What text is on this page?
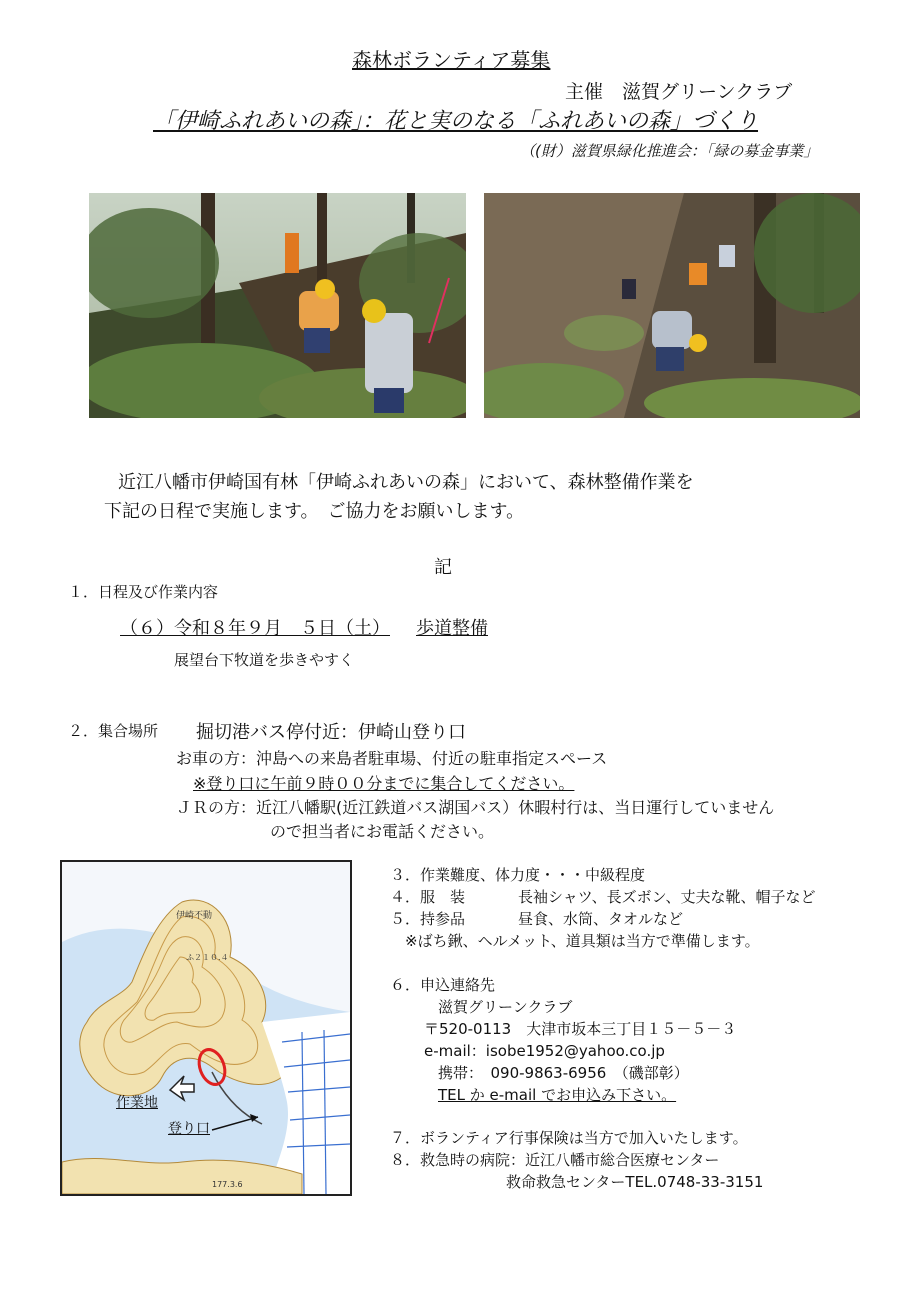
森林ボランティア募集
主催　滋賀グリーンクラブ
「伊崎ふれあいの森」：花と実のなる「ふれあいの森」づくり
（(財）滋賀県緑化推進会：「緑の募金事業」
近江八幡市伊崎国有林「伊崎ふれあいの森」において、森林整備作業を
下記の日程で実施します。　ご協力をお願いします。
記
１．日程及び作業内容
（６）令和８年９月　５日（土） 歩道整備
展望台下牧道を歩きやすく
２．集合場所 掘切港バス停付近：伊崎山登り口
お車の方：沖島への来島者駐車場、付近の駐車指定スペース
※登り口に午前９時００分までに集合してください。
ＪＲの方：近江八幡駅(近江鉄道バス湖国バス）休暇村行は、当日運行していません
ので担当者にお電話ください。
作業地
登り口
伊崎不動
ふ２１０.４
177.3.6
３．作業難度、体力度・・・中級程度
４．服　装	長袖シャツ、長ズボン、丈夫な靴、帽子など
５．持参品	昼食、水筒、タオルなど
※ばち鍬、ヘルメット、道具類は当方で準備します。
６．申込連絡先
滋賀グリーンクラブ
〒520-0113　大津市坂本三丁目１５－５－３
e-mail：isobe1952@yahoo.co.jp
携帯：　090-9863-6956　（磯部彰）
TEL か e-mail でお申込み下さい。
７．ボランティア行事保険は当方で加入いたします。
８．救急時の病院：近江八幡市総合医療センター
救命救急センターTEL.0748-33-3151
